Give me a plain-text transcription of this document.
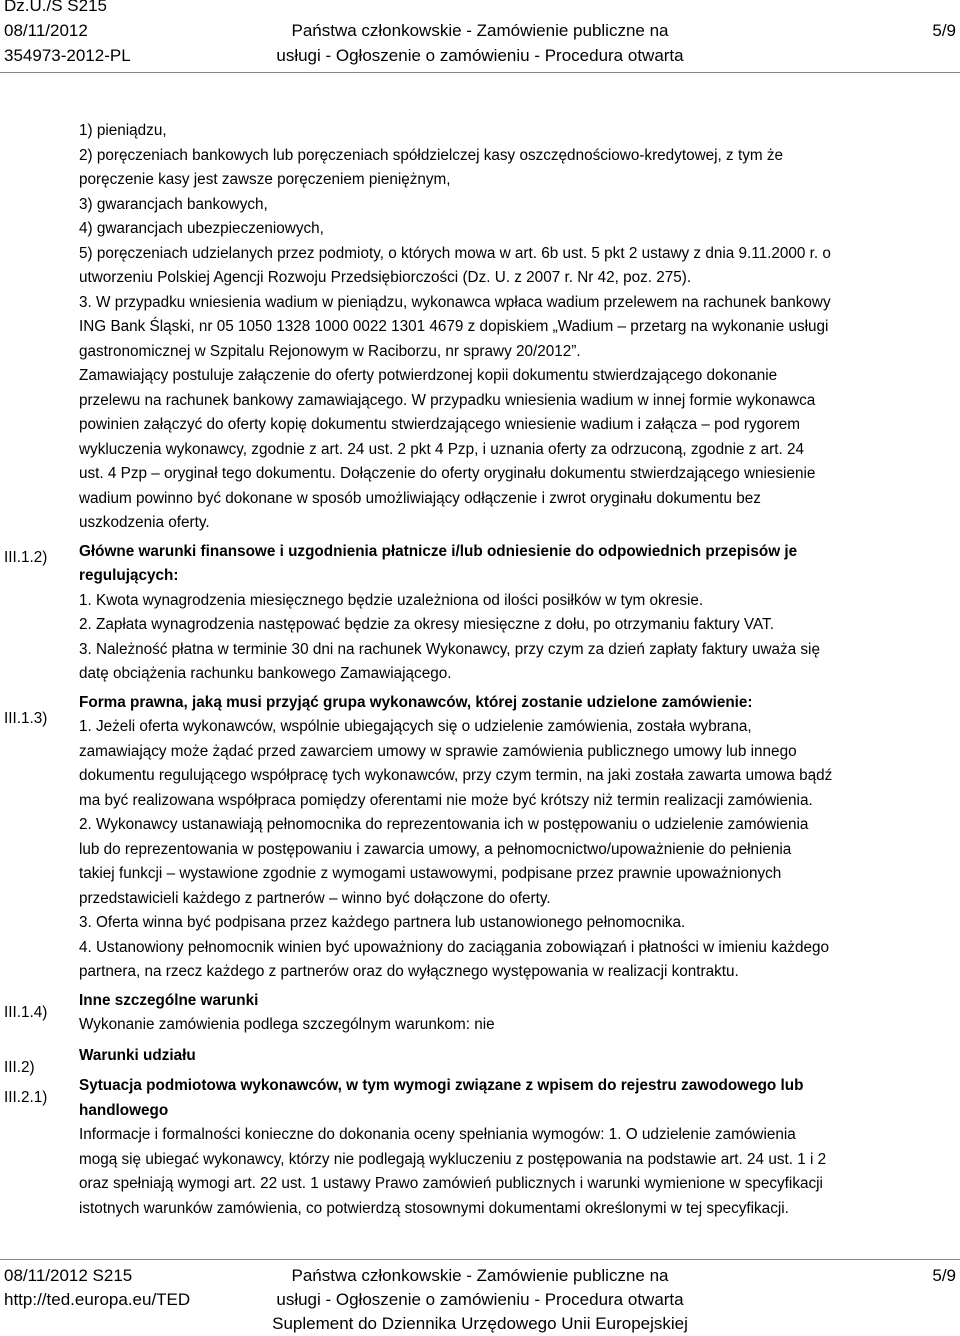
Dz.U./S S215
08/11/2012
354973-2012-PL
Państwa członkowskie - Zamówienie publiczne na
usługi - Ogłoszenie o zamówieniu - Procedura otwarta
5/9
III.1.2)
III.1.3)
III.1.4)
III.2)
III.2.1)

1) pieniądzu,

2) poręczeniach bankowych lub poręczeniach spółdzielczej kasy oszczędnościowo-kredytowej, z tym że

poręczenie kasy jest zawsze poręczeniem pieniężnym,

3) gwarancjach bankowych,

4) gwarancjach ubezpieczeniowych,

5) poręczeniach udzielanych przez podmioty, o których mowa w art. 6b ust. 5 pkt 2 ustawy z dnia 9.11.2000 r. o

utworzeniu Polskiej Agencji Rozwoju Przedsiębiorczości (Dz. U. z 2007 r. Nr 42, poz. 275).

3. W przypadku wniesienia wadium w pieniądzu, wykonawca wpłaca wadium przelewem na rachunek bankowy

ING Bank Śląski, nr 05 1050 1328 1000 0022 1301 4679 z dopiskiem „Wadium – przetarg na wykonanie usługi

gastronomicznej w Szpitalu Rejonowym w Raciborzu, nr sprawy 20/2012”.

Zamawiający postuluje załączenie do oferty potwierdzonej kopii dokumentu stwierdzającego dokonanie

przelewu na rachunek bankowy zamawiającego. W przypadku wniesienia wadium w innej formie wykonawca

powinien załączyć do oferty kopię dokumentu stwierdzającego wniesienie wadium i załącza – pod rygorem

wykluczenia wykonawcy, zgodnie z art. 24 ust. 2 pkt 4 Pzp, i uznania oferty za odrzuconą, zgodnie z art. 24

ust. 4 Pzp – oryginał tego dokumentu. Dołączenie do oferty oryginału dokumentu stwierdzającego wniesienie

wadium powinno być dokonane w sposób umożliwiający odłączenie i zwrot oryginału dokumentu bez

uszkodzenia oferty.

Główne warunki finansowe i uzgodnienia płatnicze i/lub odniesienie do odpowiednich przepisów je

regulujących:

1. Kwota wynagrodzenia miesięcznego będzie uzależniona od ilości posiłków w tym okresie.

2. Zapłata wynagrodzenia następować będzie za okresy miesięczne z dołu, po otrzymaniu faktury VAT.

3. Należność płatna w terminie 30 dni na rachunek Wykonawcy, przy czym za dzień zapłaty faktury uważa się

datę obciążenia rachunku bankowego Zamawiającego.

Forma prawna, jaką musi przyjąć grupa wykonawców, której zostanie udzielone zamówienie:

1. Jeżeli oferta wykonawców, wspólnie ubiegających się o udzielenie zamówienia, została wybrana,

zamawiający może żądać przed zawarciem umowy w sprawie zamówienia publicznego umowy lub innego

dokumentu regulującego współpracę tych wykonawców, przy czym termin, na jaki została zawarta umowa bądź

ma być realizowana współpraca pomiędzy oferentami nie może być krótszy niż termin realizacji zamówienia.

2. Wykonawcy ustanawiają pełnomocnika do reprezentowania ich w postępowaniu o udzielenie zamówienia

lub do reprezentowania w postępowaniu i zawarcia umowy, a pełnomocnictwo/upoważnienie do pełnienia

takiej funkcji – wystawione zgodnie z wymogami ustawowymi, podpisane przez prawnie upoważnionych

przedstawicieli każdego z partnerów – winno być dołączone do oferty.

3. Oferta winna być podpisana przez każdego partnera lub ustanowionego pełnomocnika.

4. Ustanowiony pełnomocnik winien być upoważniony do zaciągania zobowiązań i płatności w imieniu każdego

partnera, na rzecz każdego z partnerów oraz do wyłącznego występowania w realizacji kontraktu.

Inne szczególne warunki

Wykonanie zamówienia podlega szczególnym warunkom: nie

Warunki udziału

Sytuacja podmiotowa wykonawców, w tym wymogi związane z wpisem do rejestru zawodowego lub

handlowego

Informacje i formalności konieczne do dokonania oceny spełniania wymogów: 1. O udzielenie zamówienia

mogą się ubiegać wykonawcy, którzy nie podlegają wykluczeniu z postępowania na podstawie art. 24 ust. 1 i 2

oraz spełniają wymogi art. 22 ust. 1 ustawy Prawo zamówień publicznych i warunki wymienione w specyfikacji

istotnych warunków zamówienia, co potwierdzą stosownymi dokumentami określonymi w tej specyfikacji.

08/11/2012 S215
http://ted.europa.eu/TED
Państwa członkowskie - Zamówienie publiczne na
usługi - Ogłoszenie o zamówieniu - Procedura otwarta
Suplement do Dziennika Urzędowego Unii Europejskiej
5/9
